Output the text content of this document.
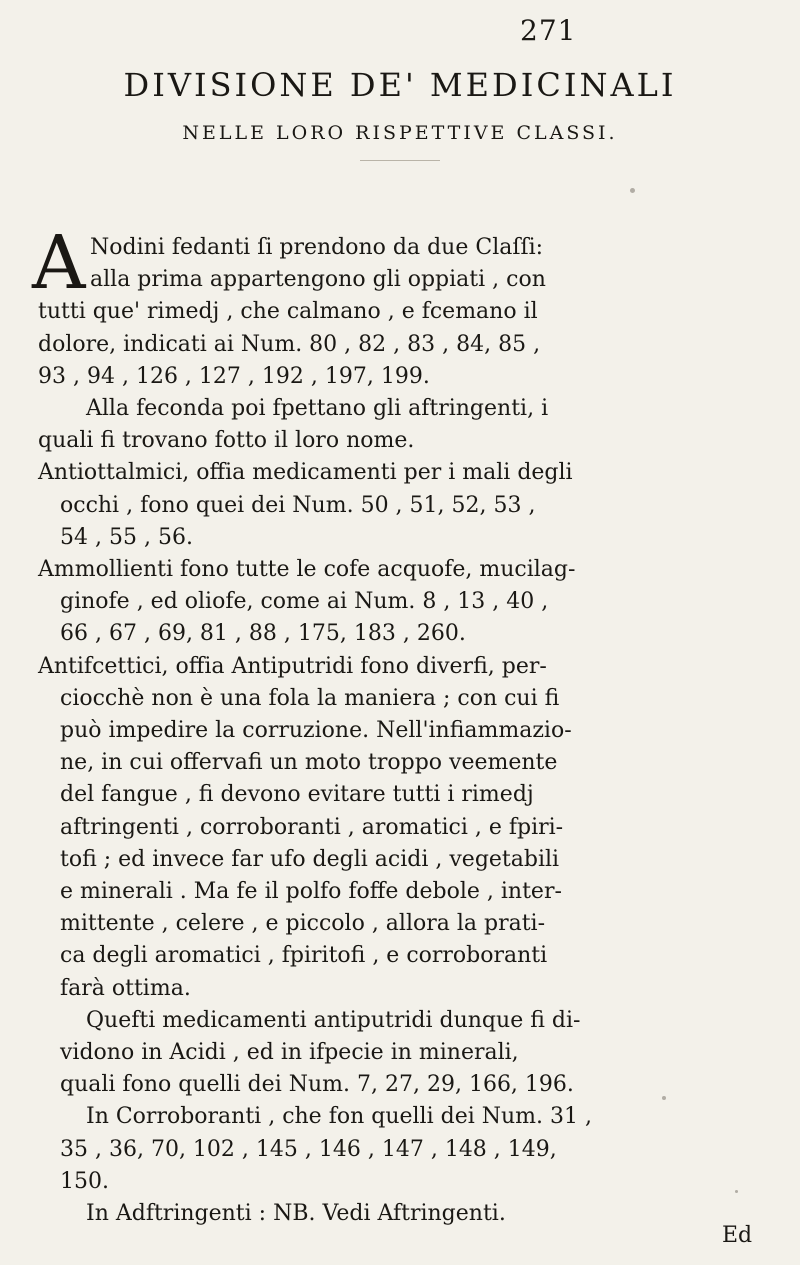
271
DIVISIONE DE' MEDICINALI
NELLE LORO RISPETTIVE CLASSI.
A Nodini fedanti ſi prendono da due Claſſi:
alla prima appartengono gli oppiati , con
tutti que' rimedj , che calmano , e fcemano il
dolore, indicati ai Num. 80 , 82 , 83 , 84, 85 ,
93 , 94 , 126 , 127 , 192 , 197, 199.
Alla feconda poi fpettano gli aftringenti, i
quali fi trovano fotto il loro nome.
Antiottalmici, offia medicamenti per i mali degli
occhi , fono quei dei Num. 50 , 51, 52, 53 ,
54 , 55 , 56.
Ammollienti fono tutte le cofe acquofe, mucilag-
ginofe , ed oliofe, come ai Num. 8 , 13 , 40 ,
66 , 67 , 69, 81 , 88 , 175, 183 , 260.
Antifcettici, offia Antiputridi fono diverfi, per-
ciocchè non è una fola la maniera ; con cui fi
può impedire la corruzione. Nell'infiammazio-
ne, in cui offervafi un moto troppo veemente
del fangue , fi devono evitare tutti i rimedj
aftringenti , corroboranti , aromatici , e fpiri-
tofi ; ed invece far ufo degli acidi , vegetabili
e minerali . Ma fe il polfo foffe debole , inter-
mittente , celere , e piccolo , allora la prati-
ca degli aromatici , fpiritofi , e corroboranti
farà ottima.
Quefti medicamenti antiputridi dunque fi di-
vidono in Acidi , ed in ifpecie in minerali,
quali fono quelli dei Num. 7, 27, 29, 166, 196.
In Corroboranti , che fon quelli dei Num. 31 ,
35 , 36, 70, 102 , 145 , 146 , 147 , 148 , 149,
150.
In Adftringenti : NB. Vedi Aftringenti.
Ed
